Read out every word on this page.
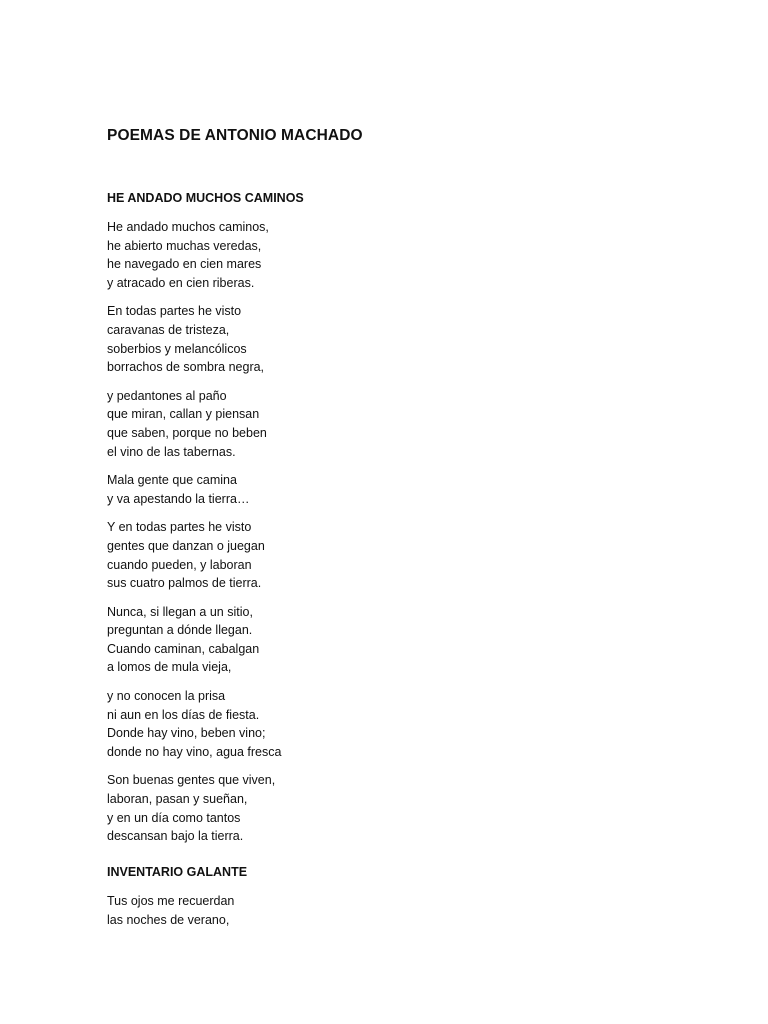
POEMAS DE ANTONIO MACHADO
HE ANDADO MUCHOS CAMINOS

He andado muchos caminos,
he abierto muchas veredas,
he navegado en cien mares
y atracado en cien riberas.

En todas partes he visto
caravanas de tristeza,
soberbios y melancólicos
borrachos de sombra negra,

y pedantones al paño
que miran, callan y piensan
que saben, porque no beben
el vino de las tabernas.

Mala gente que camina
y va apestando la tierra…

Y en todas partes he visto
gentes que danzan o juegan
cuando pueden, y laboran
sus cuatro palmos de tierra.

Nunca, si llegan a un sitio,
preguntan a dónde llegan.
Cuando caminan, cabalgan
a lomos de mula vieja,

y no conocen la prisa
ni aun en los días de fiesta.
Donde hay vino, beben vino;
donde no hay vino, agua fresca

Son buenas gentes que viven,
laboran, pasan y sueñan,
y en un día como tantos
descansan bajo la tierra.

INVENTARIO GALANTE

Tus ojos me recuerdan
las noches de verano,
